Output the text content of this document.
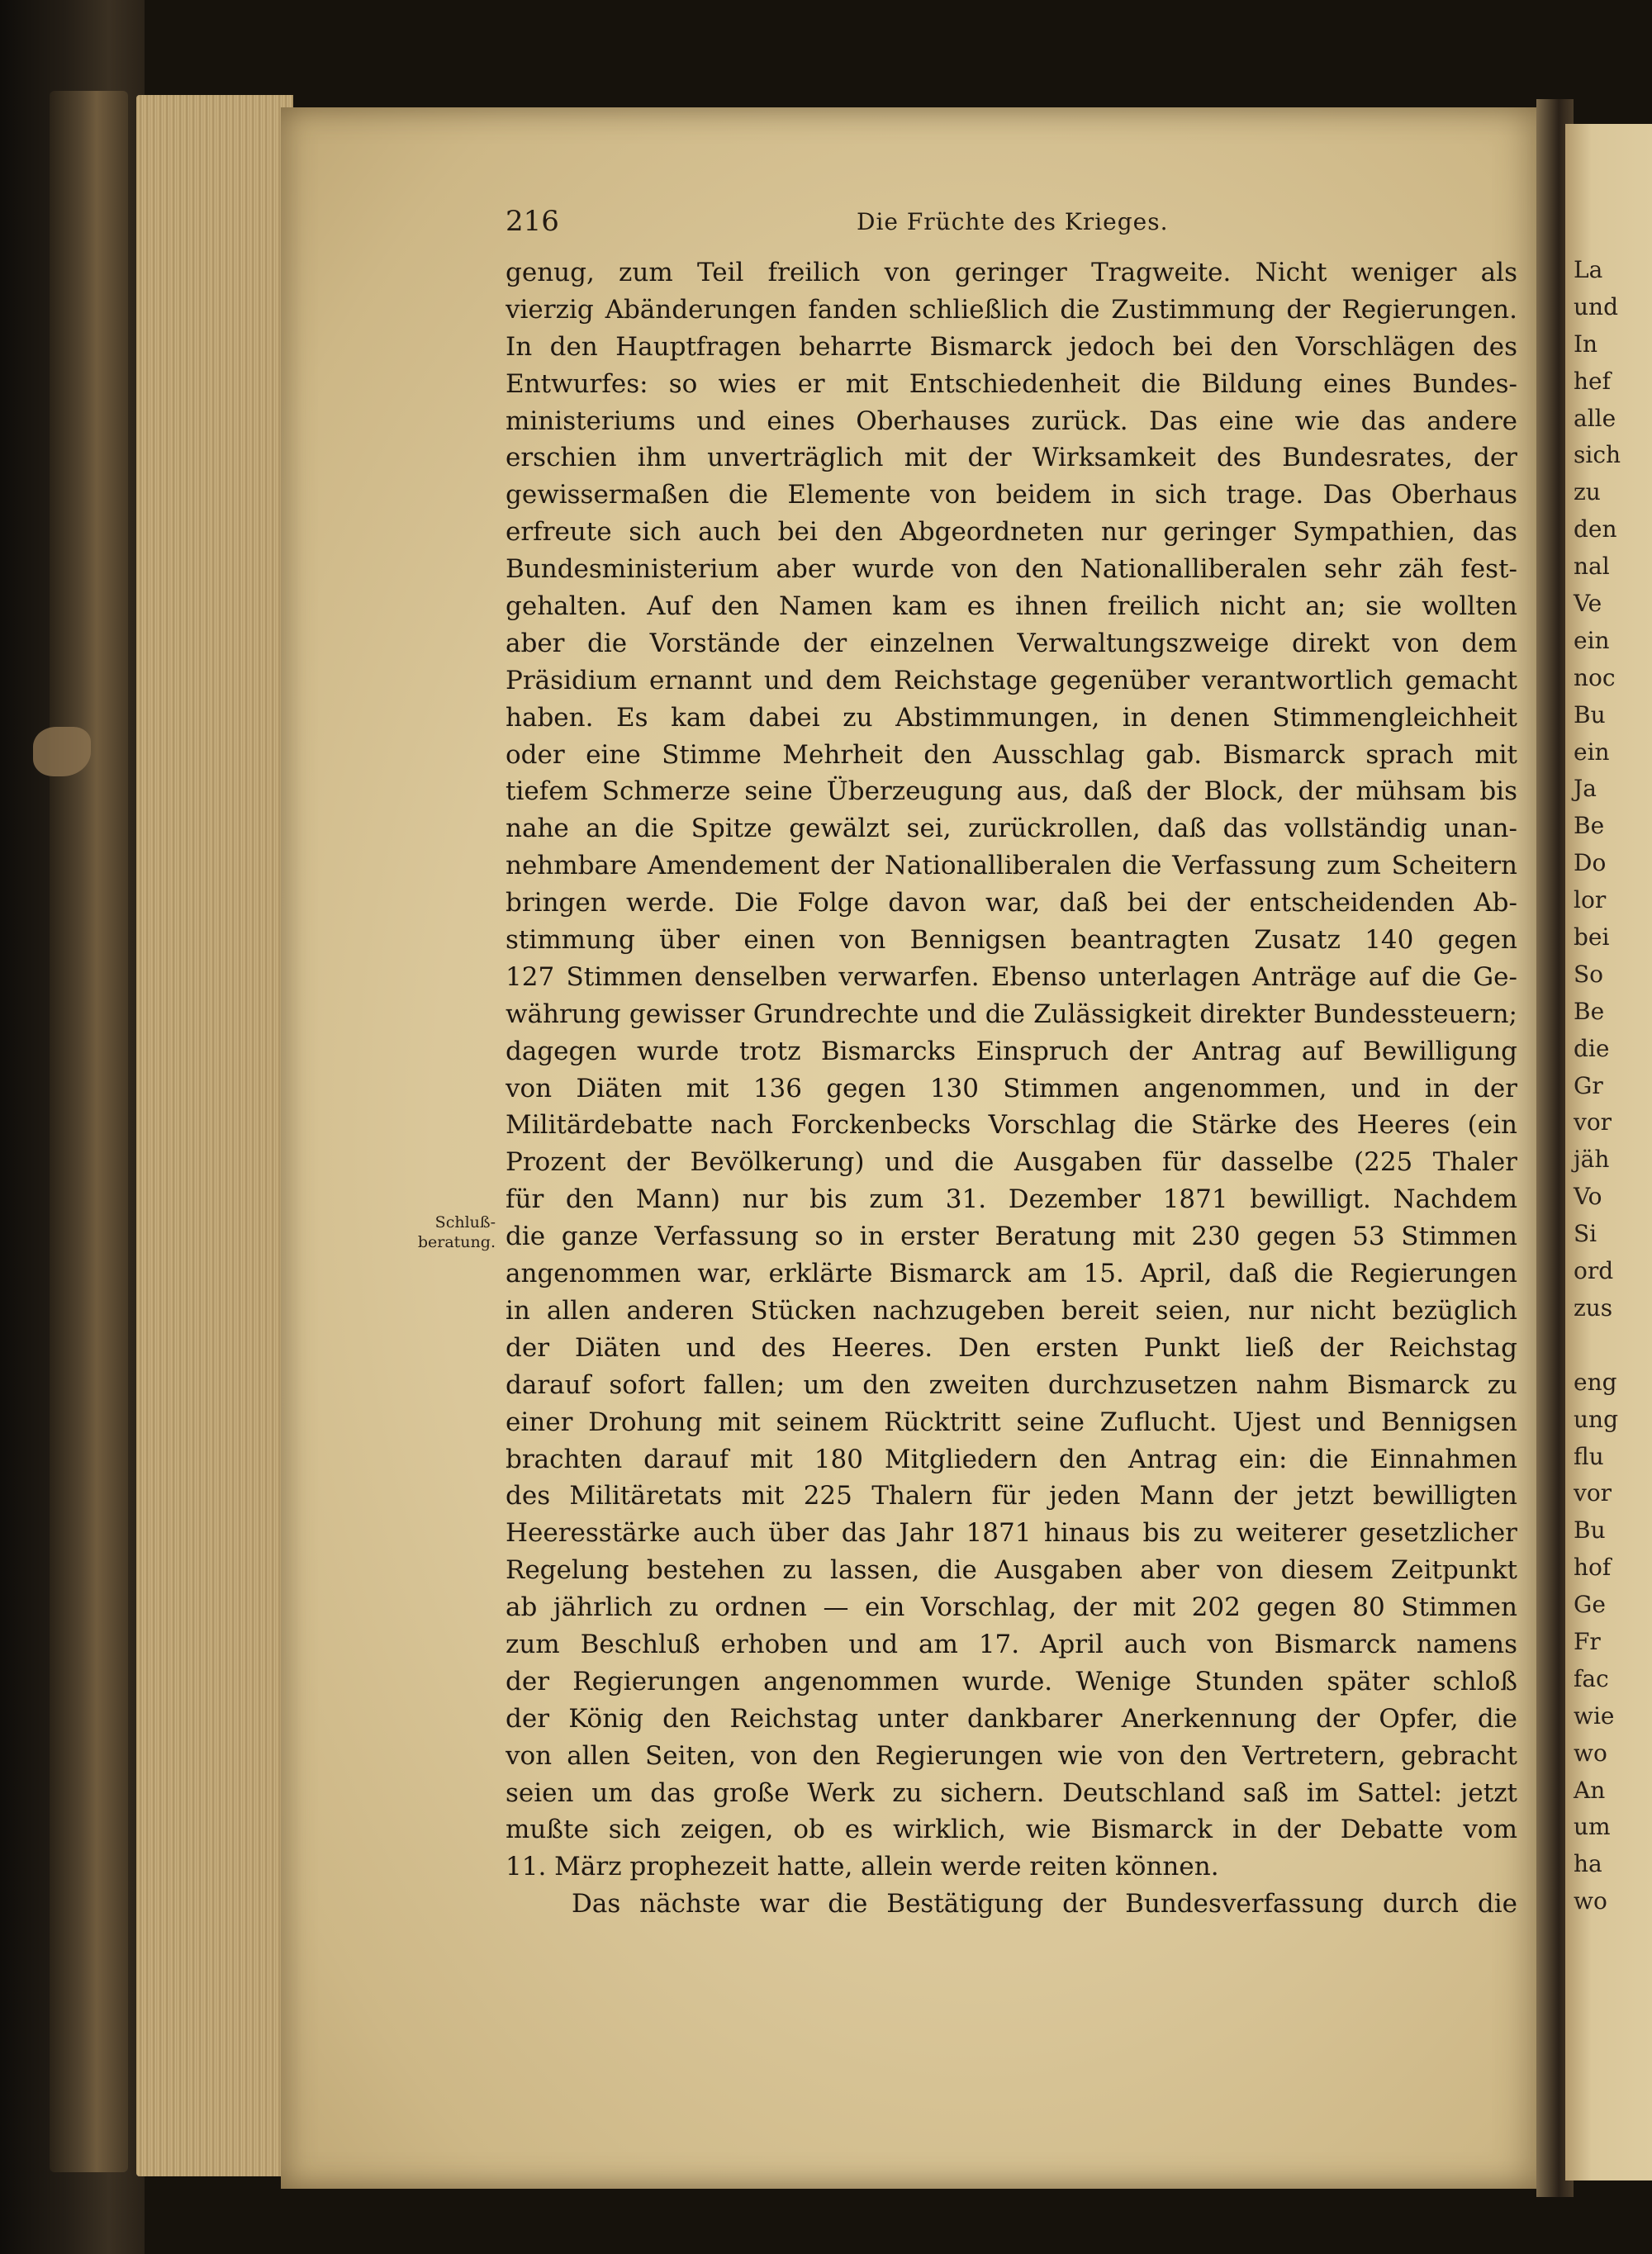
La
und
In
hef
alle
sich
zu
den
nal
Ve
ein
noc
Bu
ein
Ja
Be
Do
lor
bei
So
Be
die
Gr
vor
jäh
Vo
Si
ord
zus
eng
ung
flu
vor
Bu
hof
Ge
Fr
fac
wie
wo
An
um
ha
wo
216	Die Früchte des Krieges.
Schluß-
beratung.
genug, zum Teil freilich von geringer Tragweite. Nicht weniger als
vierzig Abänderungen fanden schließlich die Zustimmung der Regierungen.
In den Hauptfragen beharrte Bismarck jedoch bei den Vorschlägen des
Entwurfes: so wies er mit Entschiedenheit die Bildung eines Bundes-
ministeriums und eines Oberhauses zurück. Das eine wie das andere
erschien ihm unverträglich mit der Wirksamkeit des Bundesrates, der
gewissermaßen die Elemente von beidem in sich trage. Das Oberhaus
erfreute sich auch bei den Abgeordneten nur geringer Sympathien, das
Bundesministerium aber wurde von den Nationalliberalen sehr zäh fest-
gehalten. Auf den Namen kam es ihnen freilich nicht an; sie wollten
aber die Vorstände der einzelnen Verwaltungszweige direkt von dem
Präsidium ernannt und dem Reichstage gegenüber verantwortlich gemacht
haben. Es kam dabei zu Abstimmungen, in denen Stimmengleichheit
oder eine Stimme Mehrheit den Ausschlag gab. Bismarck sprach mit
tiefem Schmerze seine Überzeugung aus, daß der Block, der mühsam bis
nahe an die Spitze gewälzt sei, zurückrollen, daß das vollständig unan-
nehmbare Amendement der Nationalliberalen die Verfassung zum Scheitern
bringen werde. Die Folge davon war, daß bei der entscheidenden Ab-
stimmung über einen von Bennigsen beantragten Zusatz 140 gegen
127 Stimmen denselben verwarfen. Ebenso unterlagen Anträge auf die Ge-
währung gewisser Grundrechte und die Zulässigkeit direkter Bundessteuern;
dagegen wurde trotz Bismarcks Einspruch der Antrag auf Bewilligung
von Diäten mit 136 gegen 130 Stimmen angenommen, und in der
Militärdebatte nach Forckenbecks Vorschlag die Stärke des Heeres (ein
Prozent der Bevölkerung) und die Ausgaben für dasselbe (225 Thaler
für den Mann) nur bis zum 31. Dezember 1871 bewilligt. Nachdem
die ganze Verfassung so in erster Beratung mit 230 gegen 53 Stimmen
angenommen war, erklärte Bismarck am 15. April, daß die Regierungen
in allen anderen Stücken nachzugeben bereit seien, nur nicht bezüglich
der Diäten und des Heeres. Den ersten Punkt ließ der Reichstag
darauf sofort fallen; um den zweiten durchzusetzen nahm Bismarck zu
einer Drohung mit seinem Rücktritt seine Zuflucht. Ujest und Bennigsen
brachten darauf mit 180 Mitgliedern den Antrag ein: die Einnahmen
des Militäretats mit 225 Thalern für jeden Mann der jetzt bewilligten
Heeresstärke auch über das Jahr 1871 hinaus bis zu weiterer gesetzlicher
Regelung bestehen zu lassen, die Ausgaben aber von diesem Zeitpunkt
ab jährlich zu ordnen — ein Vorschlag, der mit 202 gegen 80 Stimmen
zum Beschluß erhoben und am 17. April auch von Bismarck namens
der Regierungen angenommen wurde. Wenige Stunden später schloß
der König den Reichstag unter dankbarer Anerkennung der Opfer, die
von allen Seiten, von den Regierungen wie von den Vertretern, gebracht
seien um das große Werk zu sichern. Deutschland saß im Sattel: jetzt
mußte sich zeigen, ob es wirklich, wie Bismarck in der Debatte vom
11. März prophezeit hatte, allein werde reiten können.
Das nächste war die Bestätigung der Bundesverfassung durch die
